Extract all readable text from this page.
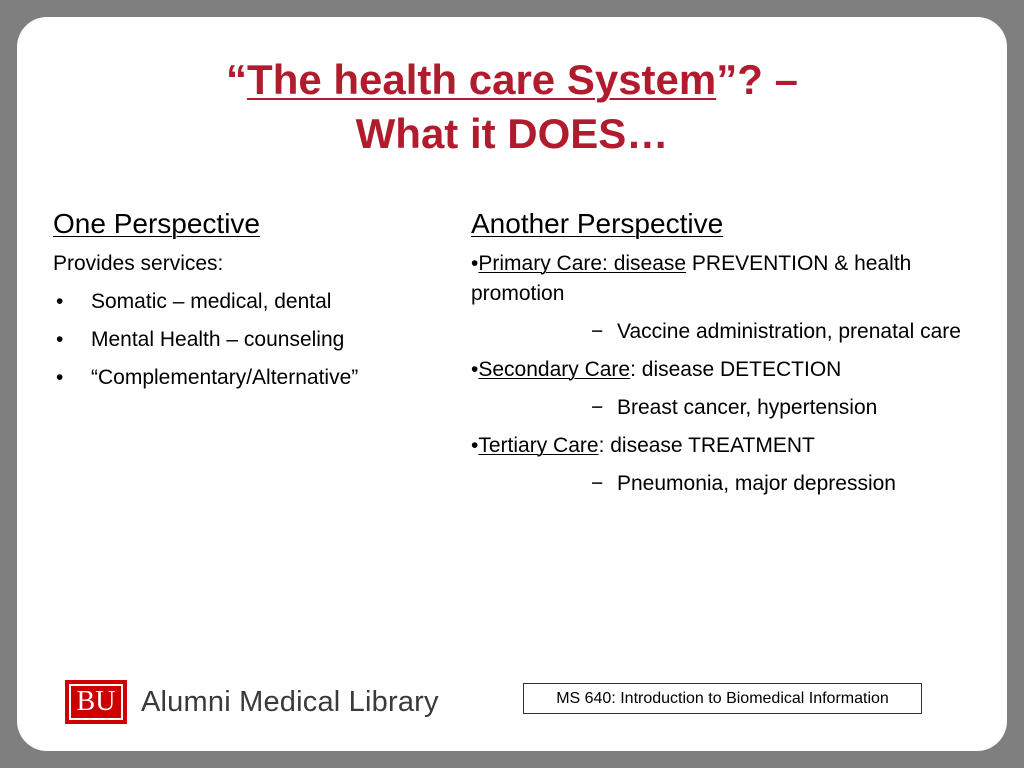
“The health care System”? –
What it DOES…
One Perspective
Provides services:
• Somatic – medical, dental
• Mental Health – counseling
• “Complementary/Alternative”
Another Perspective
•Primary Care: disease PREVENTION & health promotion
− Vaccine administration, prenatal care
•Secondary Care: disease DETECTION
− Breast cancer, hypertension
•Tertiary Care: disease TREATMENT
− Pneumonia, major depression
BU Alumni Medical Library	MS 640: Introduction to Biomedical Information
